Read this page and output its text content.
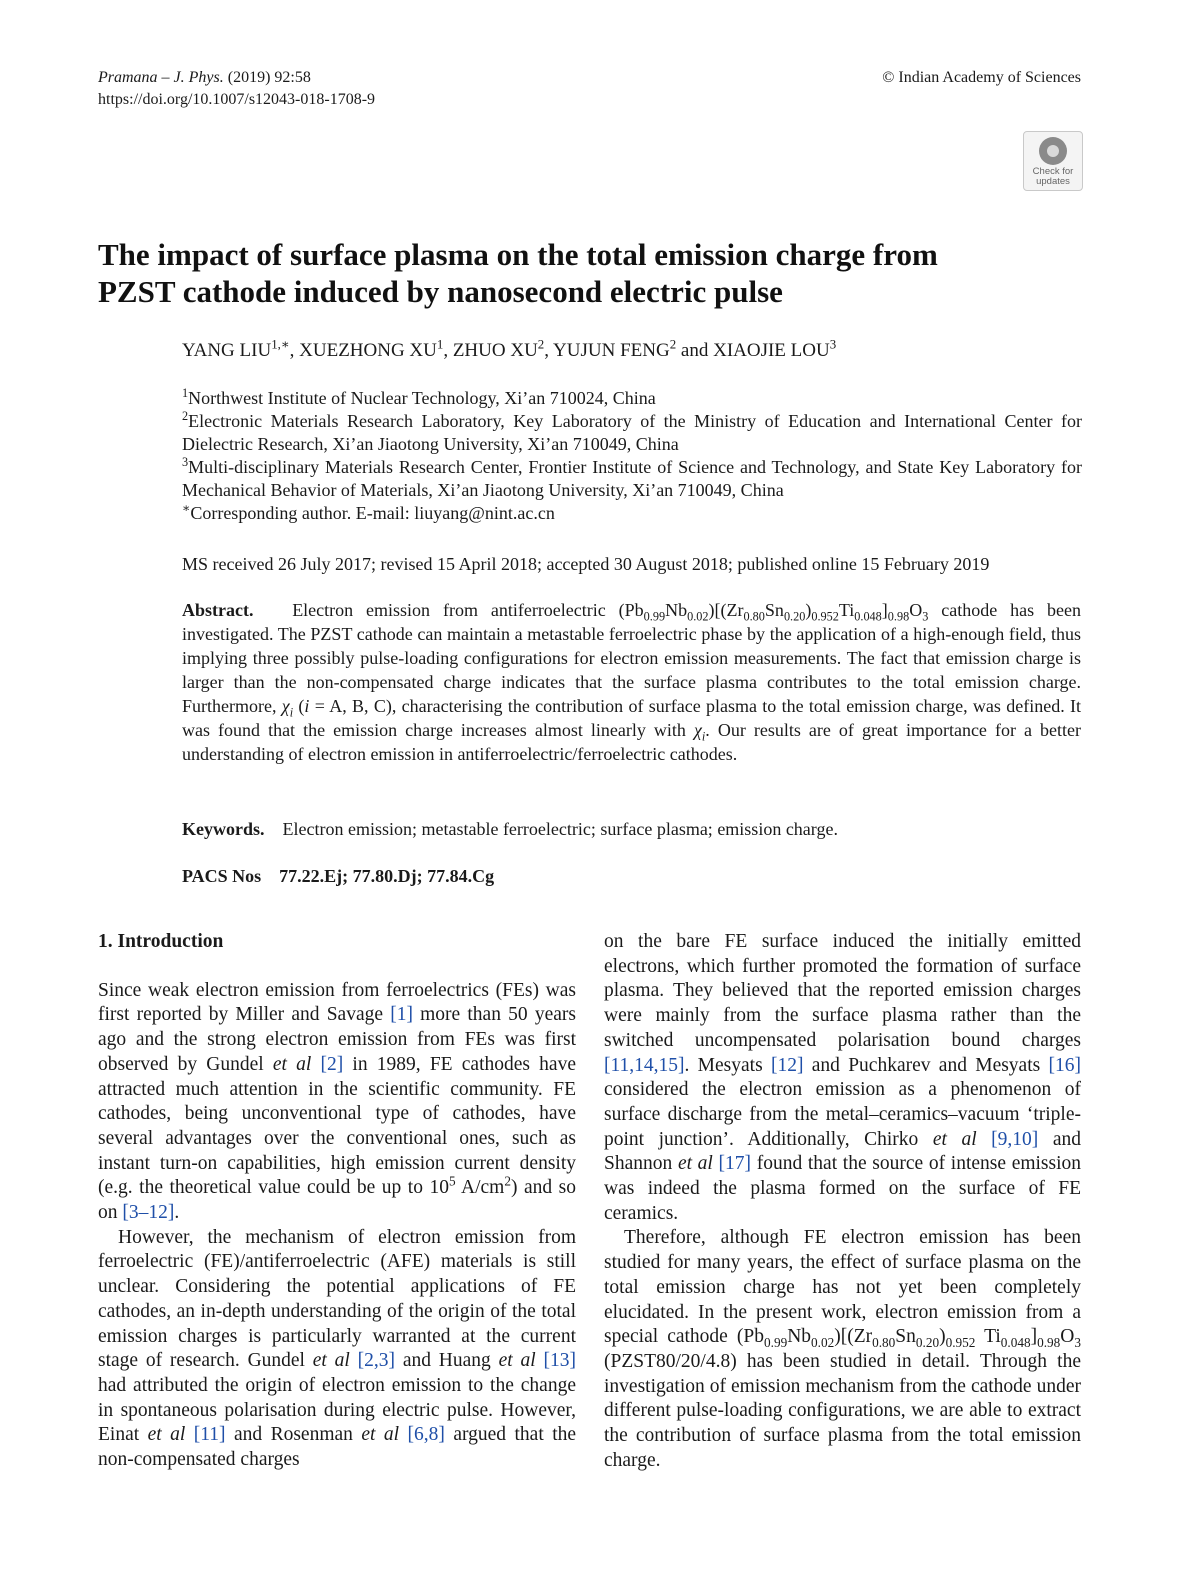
Pramana – J. Phys. (2019) 92:58
https://doi.org/10.1007/s12043-018-1708-9
© Indian Academy of Sciences
Check for
updates
The impact of surface plasma on the total emission charge from PZST cathode induced by nanosecond electric pulse
YANG $LIU^{1,∗}$, XUEZHONG $XU^1$, ZHUO $XU^2$, YUJUN FENG$^2$ and XIAOJIE LOU$^3$
$^1$Northwest Institute of Nuclear Technology, Xi’an 710024, China
$^2$Electronic Materials Research Laboratory, Key Laboratory of the Ministry of Education and International Center for Dielectric Research, Xi’an Jiaotong University, Xi’an 710049, China
$^3$Multi-disciplinary Materials Research Center, Frontier Institute of Science and Technology, and State Key Laboratory for Mechanical Behavior of Materials, Xi’an Jiaotong University, Xi’an 710049, China
∗Corresponding author. E-mail: liuyang@nint.ac.cn
MS received 26 July 2017; revised 15 April 2018; accepted 30 August 2018; published online 15 February 2019
Abstract. Electron emission from antiferroelectric $(Pb_{0.99}Nb_{0.02})[(Zr_{0.80}Sn_{0.20})_{0.952}Ti_{0.048}]_{0.98}O_3$ cathode has been investigated. The PZST cathode can maintain a metastable ferroelectric phase by the application of a high-enough field, thus implying three possibly pulse-loading configurations for electron emission measurements. The fact that emission charge is larger than the non-compensated charge indicates that the surface plasma contributes to the total emission charge. Furthermore, $\chi_i$ (i = A, B, C), characterising the contribution of surface plasma to the total emission charge, was defined. It was found that the emission charge increases almost linearly with $\chi_i$. Our results are of great importance for a better understanding of electron emission in antiferroelectric/ferroelectric cathodes.
Keywords. Electron emission; metastable ferroelectric; surface plasma; emission charge.
PACS Nos 77.22.Ej; 77.80.Dj; 77.84.Cg
1. Introduction

Since weak electron emission from ferroelectrics (FEs) was first reported by Miller and Savage [1] more than 50 years ago and the strong electron emission from FEs was first observed by Gundel et al [2] in 1989, FE cathodes have attracted much attention in the scientific community. FE cathodes, being unconventional type of cathodes, have several advantages over the conventional ones, such as instant turn-on capabilities, high emission current density (e.g. the theoretical value could be up to $10^5$ $A/cm^2$) and so on [3–12].

However, the mechanism of electron emission from ferroelectric (FE)/antiferroelectric (AFE) materials is still unclear. Considering the potential applications of FE cathodes, an in-depth understanding of the origin of the total emission charges is particularly warranted at the current stage of research. Gundel et al [2,3] and Huang et al [13] had attributed the origin of electron emission to the change in spontaneous polarisation during electric pulse. However, Einat et al [11] and Rosenman et al [6,8] argued that the non-compensated charges

on the bare FE surface induced the initially emitted electrons, which further promoted the formation of surface plasma. They believed that the reported emission charges were mainly from the surface plasma rather than the switched uncompensated polarisation bound charges [11,14,15]. Mesyats [12] and Puchkarev and Mesyats [16] considered the electron emission as a phenomenon of surface discharge from the metal–ceramics–vacuum ‘triple-point junction’. Additionally, Chirko et al [9,10] and Shannon et al [17] found that the source of intense emission was indeed the plasma formed on the surface of FE ceramics.

Therefore, although FE electron emission has been studied for many years, the effect of surface plasma on the total emission charge has not yet been completely elucidated. In the present work, electron emission from a special cathode $(Pb_{0.99}Nb_{0.02})[(Zr_{0.80}Sn_{0.20})_{0.952}$ $Ti_{0.048}]_{0.98}O_3$ (PZST80/20/4.8) has been studied in detail. Through the investigation of emission mechanism from the cathode under different pulse-loading configurations, we are able to extract the contribution of surface plasma from the total emission charge.
